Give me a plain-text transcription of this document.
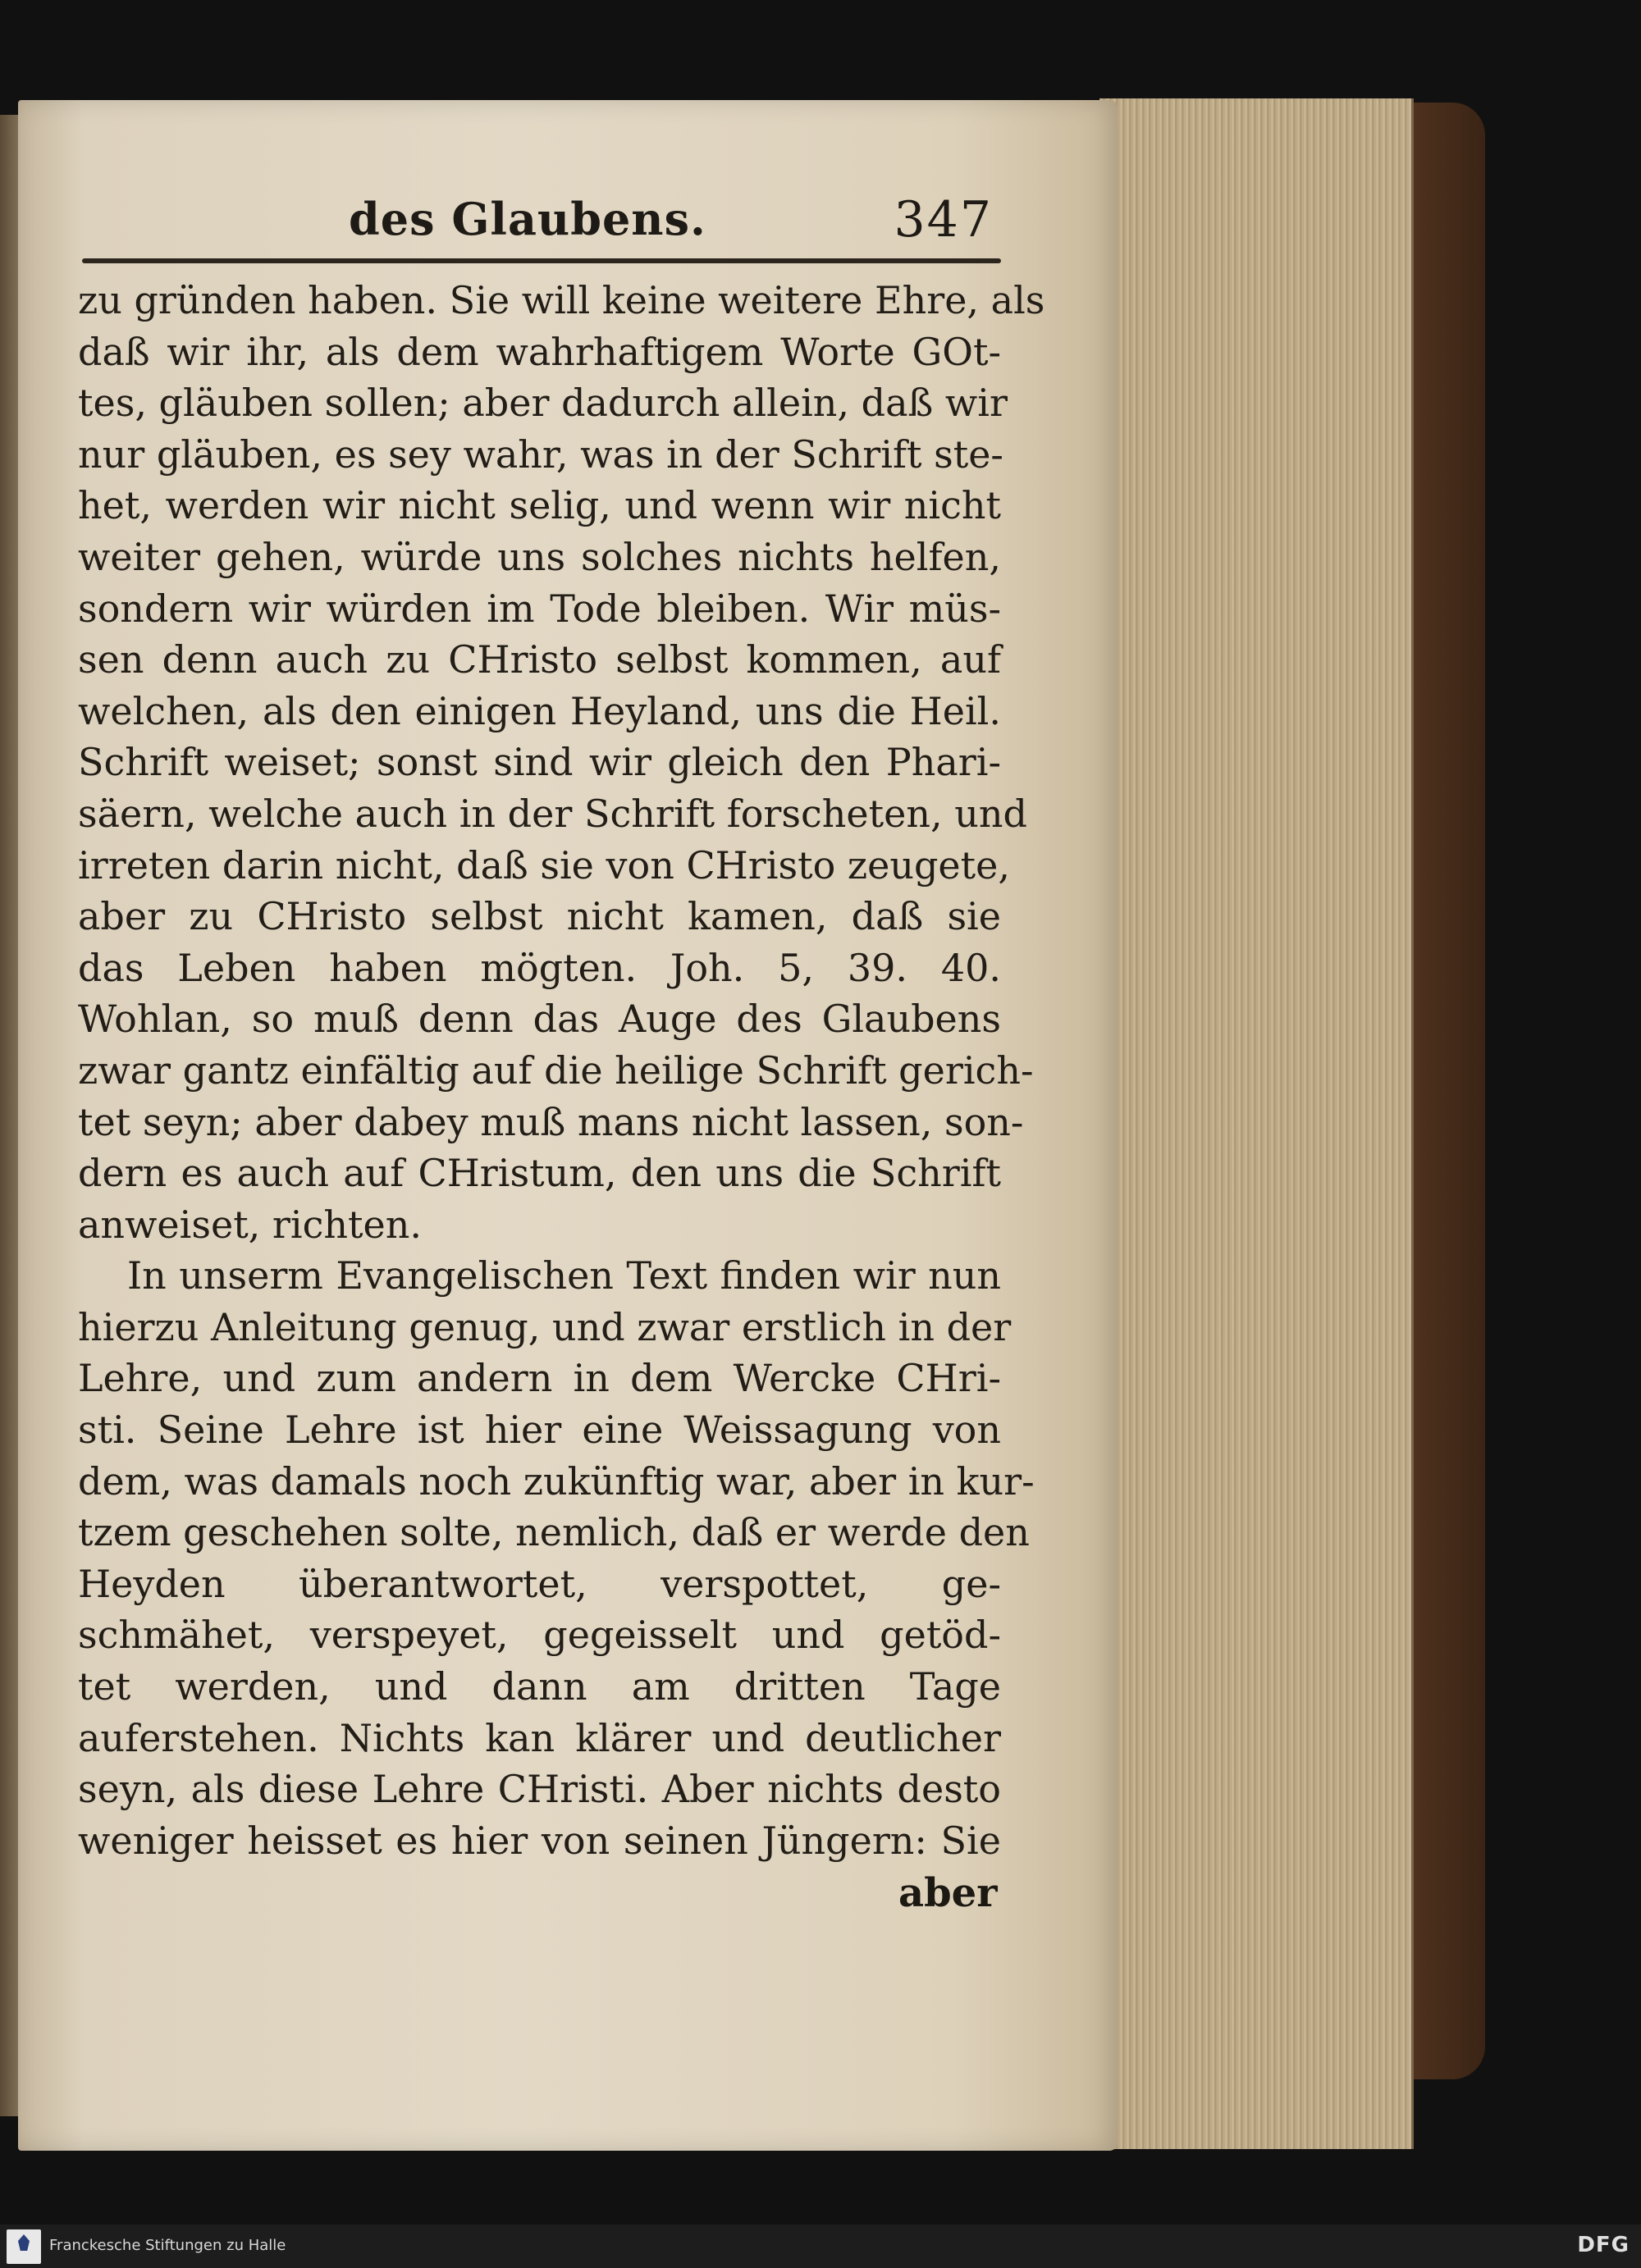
des Glaubens.	347
zu gründen haben. Sie will keine weitere Ehre, als
daß wir ihr, als dem wahrhaftigem Worte GOt-
tes, gläuben sollen; aber dadurch allein, daß wir
nur gläuben, es sey wahr, was in der Schrift ste-
het, werden wir nicht selig, und wenn wir nicht
weiter gehen, würde uns solches nichts helfen,
sondern wir würden im Tode bleiben. Wir müs-
sen denn auch zu CHristo selbst kommen, auf
welchen, als den einigen Heyland, uns die Heil.
Schrift weiset; sonst sind wir gleich den Phari-
säern, welche auch in der Schrift forscheten, und
irreten darin nicht, daß sie von CHristo zeugete,
aber zu CHristo selbst nicht kamen, daß sie
das Leben haben mögten. Joh. 5, 39. 40.
Wohlan, so muß denn das Auge des Glaubens
zwar gantz einfältig auf die heilige Schrift gerich-
tet seyn; aber dabey muß mans nicht lassen, son-
dern es auch auf CHristum, den uns die Schrift
anweiset, richten.
In unserm Evangelischen Text finden wir nun
hierzu Anleitung genug, und zwar erstlich in der
Lehre, und zum andern in dem Wercke CHri-
sti. Seine Lehre ist hier eine Weissagung von
dem, was damals noch zukünftig war, aber in kur-
tzem geschehen solte, nemlich, daß er werde den
Heyden überantwortet, verspottet, ge-
schmähet, verspeyet, gegeisselt und getöd-
tet werden, und dann am dritten Tage
auferstehen. Nichts kan klärer und deutlicher
seyn, als diese Lehre CHristi. Aber nichts desto
weniger heisset es hier von seinen Jüngern: Sie
aber
Franckesche Stiftungen zu Halle	DFG
